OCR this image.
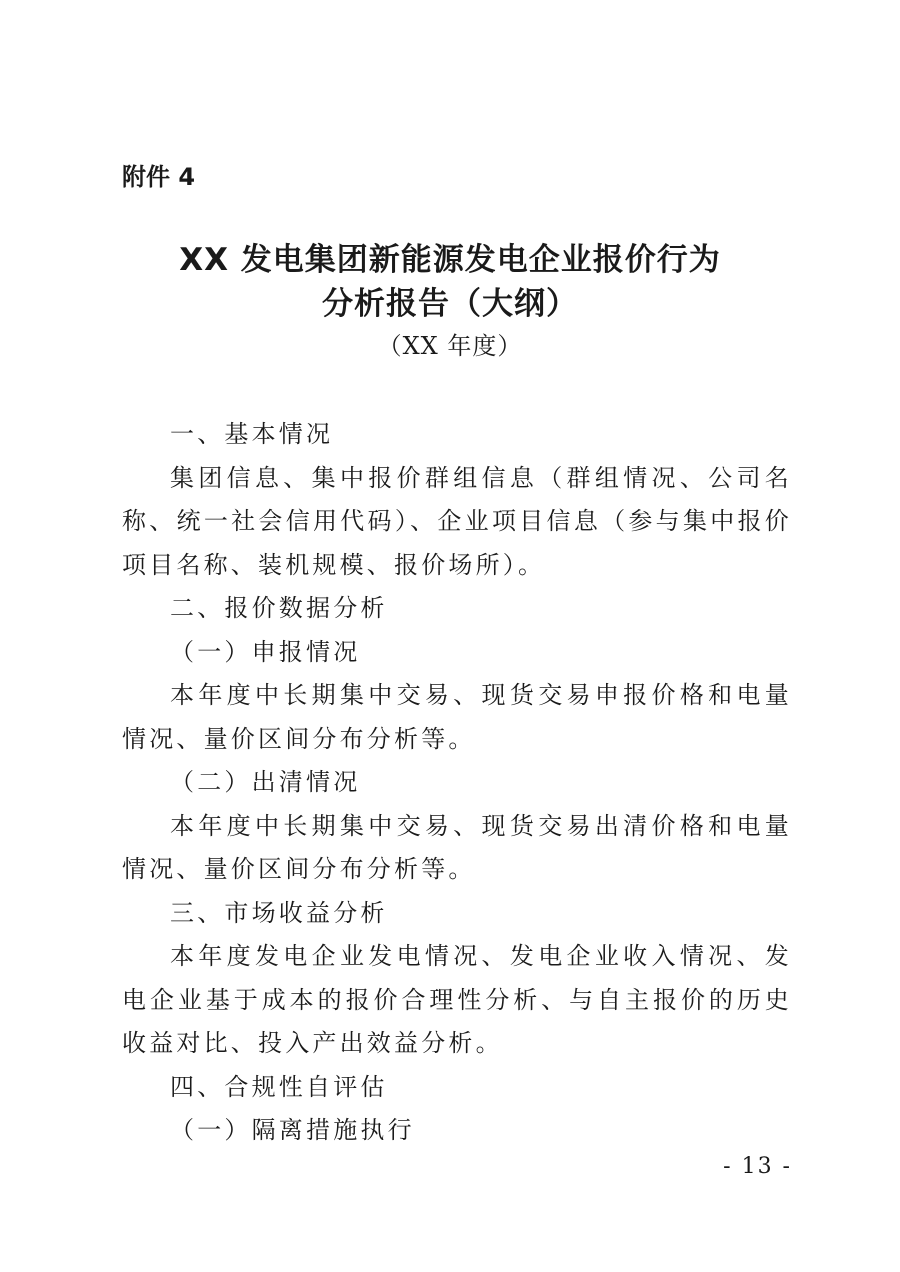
附件 4
XX 发电集团新能源发电企业报价行为
分析报告（大纲）
（XX 年度）

一、基本情况

集团信息、集中报价群组信息（群组情况、公司名称、统一社会信用代码）、企业项目信息（参与集中报价项目名称、装机规模、报价场所）。

二、报价数据分析

（一）申报情况

本年度中长期集中交易、现货交易申报价格和电量情况、量价区间分布分析等。

（二）出清情况

本年度中长期集中交易、现货交易出清价格和电量情况、量价区间分布分析等。

三、市场收益分析

本年度发电企业发电情况、发电企业收入情况、发电企业基于成本的报价合理性分析、与自主报价的历史收益对比、投入产出效益分析。

四、合规性自评估

（一）隔离措施执行

- 13 -
